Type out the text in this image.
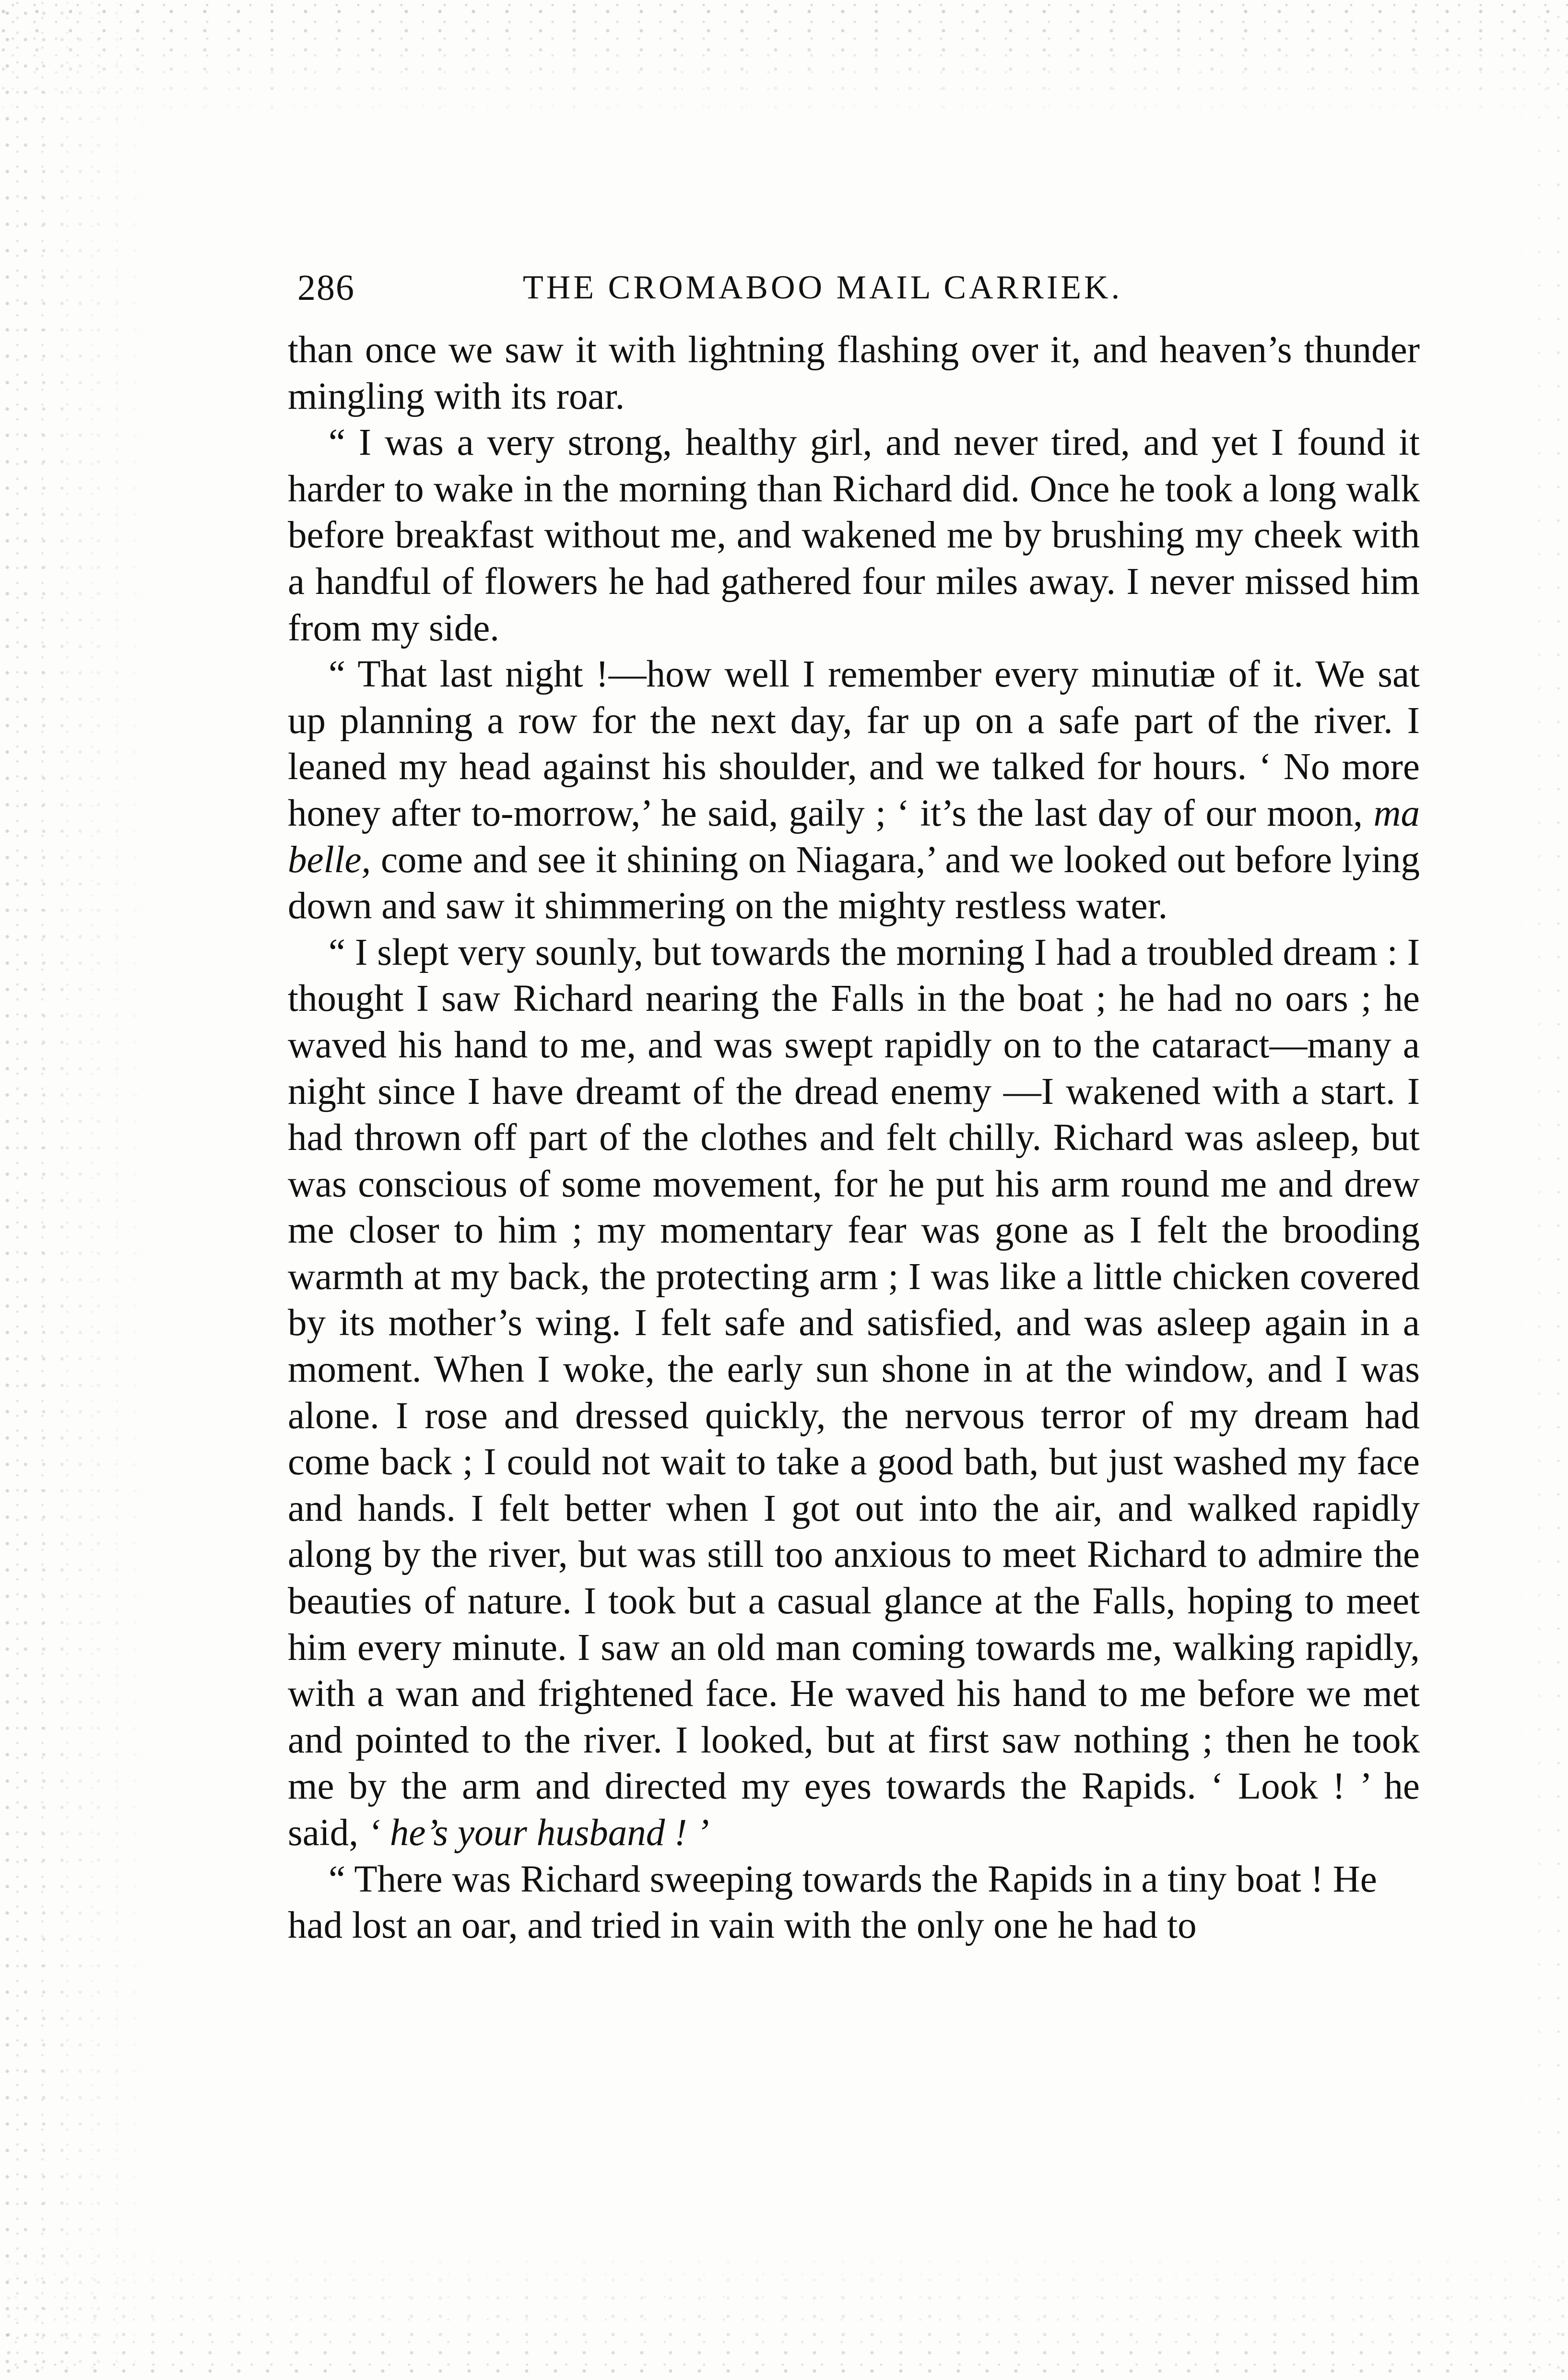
286	THE CROMABOO MAIL CARRIEK.

than once we saw it with lightning flashing over it, and heaven’s thunder mingling with its roar.

“ I was a very strong, healthy girl, and never tired, and yet I found it harder to wake in the morning than Richard did. Once he took a long walk before breakfast without me, and wakened me by brushing my cheek with a handful of flowers he had gathered four miles away. I never missed him from my side.

“ That last night !—how well I remember every minutiæ of it. We sat up planning a row for the next day, far up on a safe part of the river. I leaned my head against his shoulder, and we talked for hours. ‘ No more honey after to-morrow,’ he said, gaily ; ‘ it’s the last day of our moon, ma belle, come and see it shining on Niagara,’ and we looked out before lying down and saw it shimmering on the mighty restless water.

“ I slept very sounly, but towards the morning I had a troubled dream : I thought I saw Richard nearing the Falls in the boat ; he had no oars ; he waved his hand to me, and was swept rapidly on to the cataract—many a night since I have dreamt of the dread enemy —I wakened with a start. I had thrown off part of the clothes and felt chilly. Richard was asleep, but was conscious of some movement, for he put his arm round me and drew me closer to him ; my momentary fear was gone as I felt the brooding warmth at my back, the protecting arm ; I was like a little chicken covered by its mother’s wing. I felt safe and satisfied, and was asleep again in a moment. When I woke, the early sun shone in at the window, and I was alone. I rose and dressed quickly, the nervous terror of my dream had come back ; I could not wait to take a good bath, but just washed my face and hands. I felt better when I got out into the air, and walked rapidly along by the river, but was still too anxious to meet Richard to admire the beauties of nature. I took but a casual glance at the Falls, hoping to meet him every minute. I saw an old man coming towards me, walking rapidly, with a wan and frightened face. He waved his hand to me before we met and pointed to the river. I looked, but at first saw nothing ; then he took me by the arm and directed my eyes towards the Rapids. ‘ Look ! ’ he said, ‘ he’s your husband ! ’

“ There was Richard sweeping towards the Rapids in a tiny boat ! He had lost an oar, and tried in vain with the only one he had to
